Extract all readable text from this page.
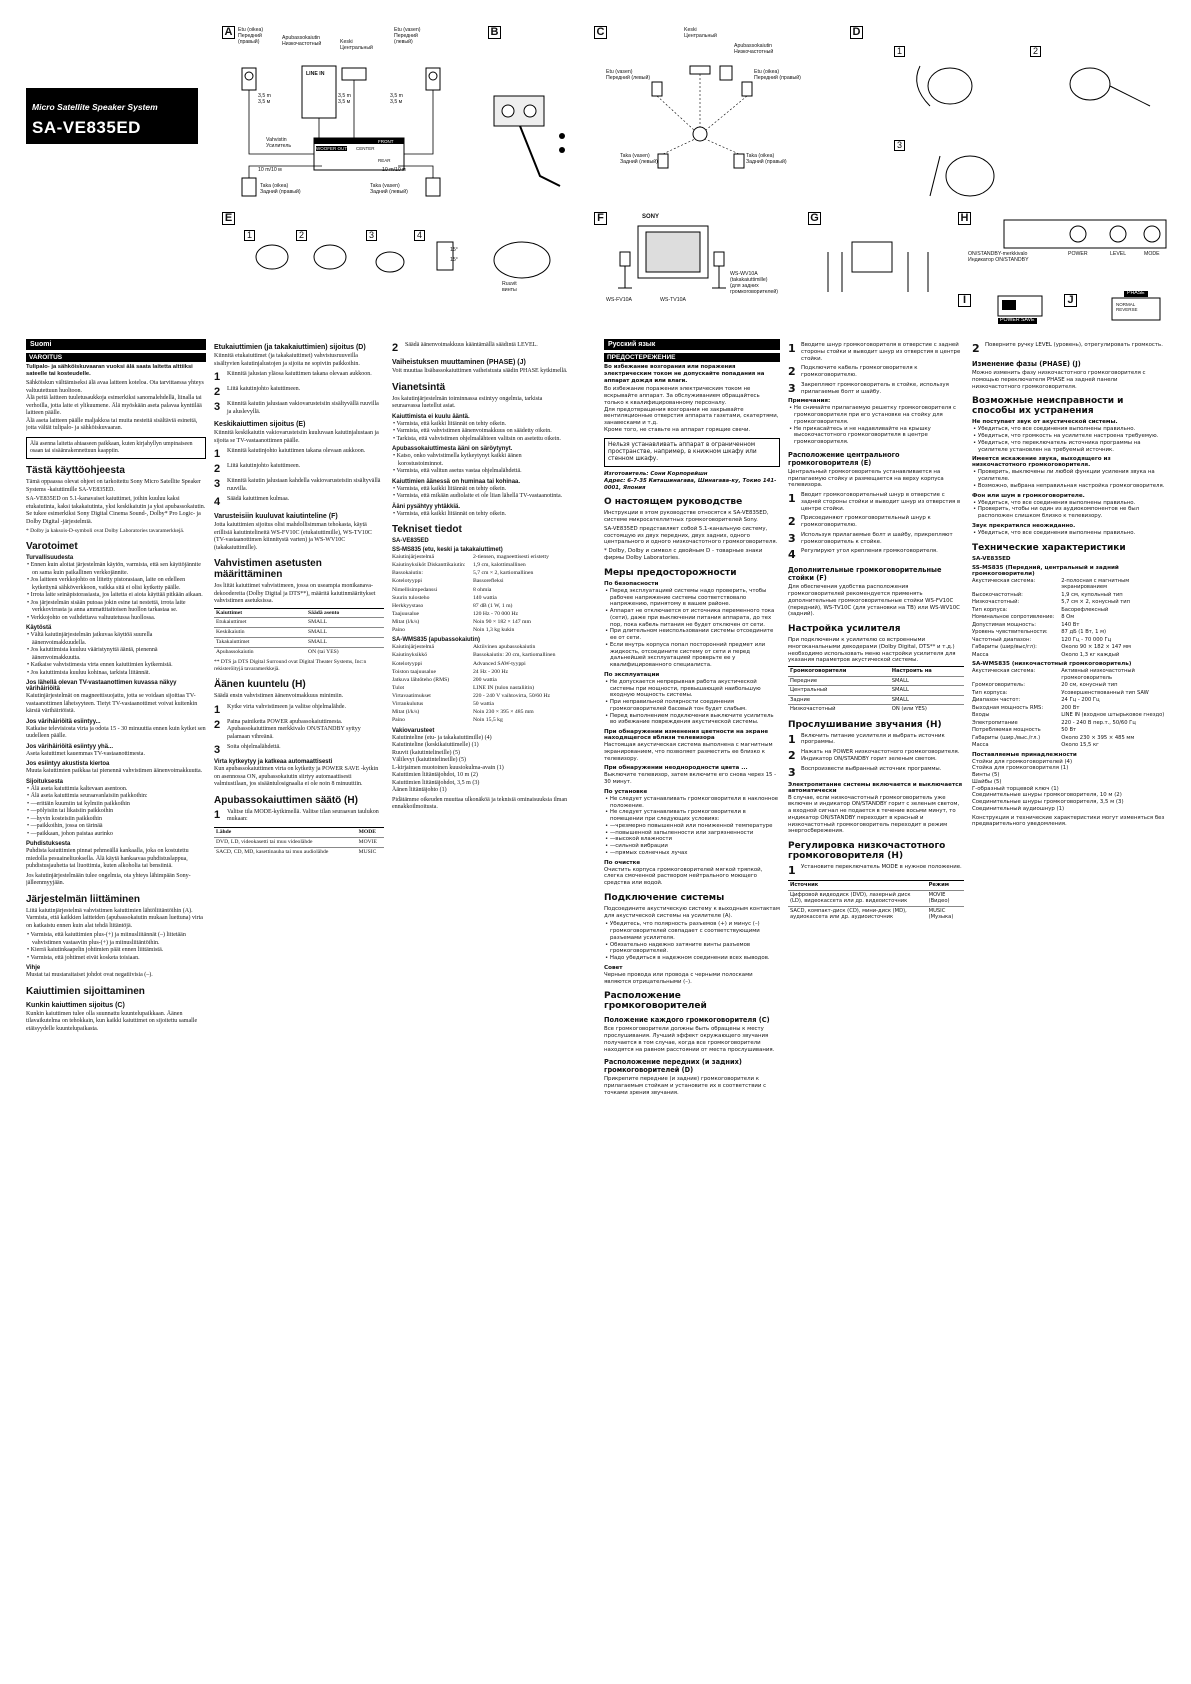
Micro Satellite Speaker System
SA-VE835ED
A	Etu (oikea)
Передний
(правый)
Apubassokaiutin
Низкочастотный	Keski
Центральный
Etu (vasen)
Передний
(левый)
LINE IN
3,5 m
3,5 м
3,5 m
3,5 м
3,5 m
3,5 м
Vahvistin
Усилитель	WOOFER OUT CENTER
FRONT
REAR
10 m/10 м	10 m/10 м
Taka (oikea)
Задний (правый)
Taka (vasen)
Задний (левый)
B	C	Keski
Центральный
Apubassokaiutin
Низкочастотный
Etu (vasen)
Передний (левый)
Etu (oikea)
Передний (правый)
Taka (vasen)
Задний (левый)
Taka (oikea)
Задний (правый)
D
1	2
3
E
1	2	3	4
15°
15°
Ruuvit
винты
F	SONY
WS-FV10A	WS-TV10A
WS-WV10A
(takakaiuttimille)
(для задних
громкоговорителей)
G	H
ON/STANDBY-merkkivalo
Индикатор ON/STANDBY
POWER	LEVEL	MODE
I
POWER SAVE
J
PHASE
NORMAL
REVERSE
Suomi
VAROITUS

Tulipalo- ja sähköiskuvaaran vuoksi älä saata laitetta alttiiksi sateelle tai kosteudelle.

Sähköiskun välttämiseksi älä avaa laitteen koteloa. Ota tarvittaessa yhteys valtuutettuun huoltoon.
Älä peitä laitteen tuuletusaukkoja esimerkiksi sanomalehdellä, liinalla tai verhoilla, jotta laite ei ylikuumene. Älä myöskään aseta palavaa kynttilää laitteen päälle.
Älä aseta laitteen päälle maljakkoa tai muita nesteitä sisältäviä esineitä, jotta vältät tulipalo- ja sähköiskuvaaran.

Älä asenna laitetta ahtaaseen paikkaan, kuten kirjahyllyn umpinaiseen osaan tai sisäänrakennettuun kaappiin.
Tästä käyttöohjeesta

Tämä oppaassa olevat ohjeet on tarkoitettu Sony Micro Satellite Speaker Systems -kaiuttimille SA-VE835ED.

SA-VE835ED on 5.1-kanavaiset kaiuttimet, joihin kuuluu kaksi etukaiutinta, kaksi takakaiutinta, yksi keskikaiutin ja yksi apubassokaiutin. Se tukee esimerkiksi Sony Digital Cinema Sound-, Dolby* Pro Logic- ja Dolby Digital -järjestelmiä.

* Dolby ja kaksois-D-symboli ovat Dolby Laboratories tavaramerkkejä.

Varotoimet
Turvallisuudesta
• Ennen kuin aloitat järjestelmän käytön, varmista, että sen käyttöjännite on sama kuin paikallinen verkkojännite.
• Jos laitteen verkkojohto on liitetty pistorasiaan, laite on edelleen kytkettynä sähköverkkoon, vaikka sitä ei olisi kytketty päälle.
• Irrota laite seinäpistorasiasta, jos laitetta ei aiota käyttää pitkään aikaan.
• Jos järjestelmän sisään putoaa jokin esine tai nestettä, irrota laite verkkovirrasta ja anna ammattitaitoisen huollon tarkastaa se.
• Verkkojohto on vaihdettava valtuutetussa huollossa.
Käytöstä
• Vältä kaiutinjärjestelmän jatkuvaa käyttöä suurella äänenvoimakkuudella.
• Jos kaiuttimista kuuluu vääristynyttä ääntä, pienennä äänenvoimakkuutta.
• Katkaise vahvistimesta virta ennen kaiuttimien kytkemistä.
• Jos kaiuttimista kuuluu kohinaa, tarkista liitännät.
Jos lähellä olevan TV-vastaanottimen kuvassa näkyy värihäiriöitä

Kaiutinjärjestelmät on magneettisuojattu, jotta se voidaan sijoittaa TV-vastaanottimen läheisyyteen. Tietyt TV-vastaanottimet voivat kuitenkin kärsiä värihäiriöistä.

Jos värihäiriöitä esiintyy...

Katkaise televisiosta virta ja odota 15 - 30 minuuttia ennen kuin kytket sen uudelleen päälle.

Jos värihäiriöitä esiintyy yhä...

Aseta kaiuttimet kauemmas TV-vastaanottimesta.

Jos esiintyy akustista kiertoa

Muuta kaiuttimien paikkaa tai pienennä vahvistimen äänenvoimakkuutta.

Sijoituksesta
• Älä aseta kaiuttimia kaltevaan asentoon.
• Älä aseta kaiuttimia seuraavanlaisiin paikkoihin:
• —erittäin kuumiin tai kylmiin paikkoihin
• —pölyisiin tai likaisiin paikkoihin
• —hyvin kosteisiin paikkoihin
• —paikkoihin, jossa on tärinää
• —paikkaan, johon paistaa aurinko
Puhdistuksesta

Puhdista kaiuttimien pinnat pehmeällä kankaalla, joka on kostutettu miedolla pesuaineliuoksella. Älä käytä hankaavaa puhdistuslappua, puhdistusjauhetta tai liuottimia, kuten alkoholia tai bensiiniä.

Jos kaiutinjärjestelmään tulee ongelmia, ota yhteys lähimpään Sony-jälleenmyyjään.

Järjestelmän liittäminen

Liitä kaiutinjärjestelmä vahvistimen kaiuttimien lähtöliitäntöihin (A). Varmista, että kaikkien laitteiden (apubassokaiutin mukaan luettuna) virta on katkaistu ennen kuin alat tehdä liitäntöjä.

• Varmista, että kaiuttimien plus-(+) ja miinusliitännät (–) liitetään vahvistimen vastaaviin plus-(+) ja miinusliitäntöihin.
• Kierrä kaiutinkaapelin johtimien päät ennen liittämistä.
• Varmista, että johtimet eivät kosketa toisiaan.
Vihje

Mustat tai mustaraitaiset johdot ovat negatiivisia (–).

Kaiuttimien sijoittaminen
Kunkin kaiuttimen sijoitus (C)

Kunkin kaiuttimen tulee olla suunnattu kuuntelupaikkaan. Äänen tilavaikutelma on tehokkain, kun kaikki kaiuttimet on sijoitettu samalle etäisyydelle kuuntelupaikasta.

Etukaiuttimien (ja takakaiuttimien) sijoitus (D)

Kiinnitä etukaiuttimet (ja takakaiuttimet) vahvistusruuveilla sisältyvien kaiutinjalustojen ja sijoita ne sopiviin paikkoihin.

1	Kiinnitä jalustan yläosa kaiuttimen takana olevaan aukkoon.
2	Liitä kaiutinjohto kaiuttimeen.
3	Kiinnitä kaiutin jalustaan vakiovarusteisiin sisältyvällä ruuvilla ja aluslevyllä.
Keskikaiuttimen sijoitus (E)

Kiinnitä keskikaiutin vakiovarusteisiin kuuluvaan kaiutinjalustaan ja sijoita se TV-vastaanottimen päälle.

1	Kiinnitä kaiutinjohto kaiuttimen takana olevaan aukkoon.
2	Liitä kaiutinjohto kaiuttimeen.
3	Kiinnitä kaiutin jalustaan kahdella vakiovarusteisiin sisältyvällä ruuvilla.
4	Säädä kaiuttimen kulmaa.
Varusteisiin kuuluvat kaiutinteline (F)

Jotta kaiuttimien sijoitus olisi mahdollisimman tehokasta, käytä erillisiä kaiutintelineitä WS-FV10C (etukaiuttimille), WS-TV10C (TV-vastaanottimen kiinnitystä varten) ja WS-WV10C (takakaiuttimille).

Vahvistimen asetusten määrittäminen

Jos liität kaiuttimet vahvistimeen, jossa on useampia monikanava-dekoodereita (Dolby Digital ja DTS**), määritä kaiutinmääritykset vahvistimen asetuksissa.

Kaiuttimet	Säädä asento
Etukaiuttimet	SMALL
Keskikaiutin	SMALL
Takakaiuttimet	SMALL
Apubassokaiutin	ON (tai YES)

** DTS ja DTS Digital Surround ovat Digital Theater Systems, Inc:n rekisteröityjä tavaramerkkejä.

Äänen kuuntelu (H)

Säädä ensin vahvistimen äänenvoimakkuus minimiin.

1	Kytke virta vahvistimeen ja valitse ohjelmalähde.
2	Paina painiketta POWER apubassokaiuttimesta. Apubassokaiuttimen merkkivalo ON/STANDBY syttyy palamaan vihreänä.
3	Soita ohjelmalähdettä.
Virta kytkeytyy ja katkeaa automaattisesti

Kun apubassokaiuttimen virta on kytketty ja POWER SAVE -kytkin on asennossa ON, apubassokaiutin siirtyy automaattisesti valmiustilaan, jos sisääntulosignaalia ei ole noin 8 minuuttiin.

Apubassokaiuttimen säätö (H)
1	Valitse tila MODE-kytkimellä. Valitse tilan seuraavan taulukon mukaan:
Lähde	MODE
DVD, LD, videokasetti tai muu videolähde	MOVIE
SACD, CD, MD, kasettinauha tai muu audiolähde	MUSIC
2	Säädä äänenvoimakkuus kääntämällä säädintä LEVEL.
Vaiheistuksen muuttaminen (PHASE) (J)

Voit muuttaa lisäbassokaiuttimen vaiheistusta säädin PHASE kytkimellä.

Vianetsintä

Jos kaiutinjärjestelmän toiminnassa esiintyy ongelmia, tarkista seuraavassa luetellut asiat.

Kaiuttimista ei kuulu ääntä.
• Varmista, että kaikki liitännät on tehty oikein.
• Varmista, että vahvistimen äänenvoimakkuus on säädetty oikein.
• Tarkista, että vahvistimen ohjelmalähteen valitsin on asetettu oikein.
Apubassokaiuttimesta ääni on säröytynyt.
• Katso, onko vahvistimella kytkeytynyt kaikki äänen korostustoiminnot.
• Varmista, että valitun asetus vastaa ohjelmalähdettä.
Kaiuttimien äänessä on huminaa tai kohinaa.
• Varmista, että kaikki liitännät on tehty oikein.
• Varmista, että mikään audiolaite ei ole liian lähellä TV-vastaanotinta.
Ääni pysähtyy yhtäkkiä.
• Varmista, että kaikki liitännät on tehty oikein.
Tekniset tiedot
SA-VE835ED
SS-MS835 (etu, keski ja takakaiuttimet)
Kaiutinjärjestelmä	2-tiensen, magneettisesti eristetty
Kaiutinyksiköt Diskanttikaiutin:	1,9 cm, kalottimallinen
Bassokaiutin:	5,7 cm × 2, kartiomallinen
Kotelotyyppi	Bassorefleksi
Nimellisimpedanssi	8 ohmia
Suurin tulosteho	140 wattia
Herkkyystaso	87 dB (1 W, 1 m)
Taajuusalue	120 Hz - 70 000 Hz
Mitat (l/k/s)	Noin 90 × 182 × 147 mm
Paino	Noin 1,3 kg kukin
SA-WMS835 (apubassokaiutin)
Kaiutinjärjestelmä	Aktiivinen apubassokaiutin
Kaiutinyksikkö	Bassokaiutin: 20 cm, kartiomallinen
Kotelotyyppi	Advanced SAW-tyyppi
Toiston taajuusalue	24 Hz - 200 Hz
Jatkuva lähtöteho (RMS)	200 wattia
Tulot	LINE IN (tulon nastaliitin)
Virtavaatimukset	220 - 240 V vaihtovirta, 50/60 Hz
Virrankulutus	50 wattia
Mitat (l/k/s)	Noin 230 × 395 × 485 mm
Paino	Noin 15,5 kg
Vakiovarusteet

Kaiutinteline (etu- ja takakaiuttimille) (4)
Kaiutinteline (keskikaiuttimelle) (1)
Ruuvit (kaiutintelineille) (5)
Välilevyt (kaiutintelineille) (5)
L-kirjaimen muotoinen kuusiokulma-avain (1)
Kaiuttimien liitäntäjohdot, 10 m (2)
Kaiuttimien liitäntäjohdot, 3,5 m (3)
Äänen liitäntäjohto (1)

Pidätämme oikeuden muuttaa ulkonäköä ja teknisiä ominaisuuksia ilman ennakkoilmoitusta.

Русский язык
ПРЕДОСТЕРЕЖЕНИЕ

Во избежание возгорания или поражения электрическим током не допускайте попадания на аппарат дождя или влаги.

Во избежание поражения электрическим током не вскрывайте аппарат. За обслуживанием обращайтесь только к квалифицированному персоналу.
Для предотвращения возгорания не закрывайте вентиляционные отверстия аппарата газетами, скатертями, занавесками и т.д.
Кроме того, не ставьте на аппарат горящие свечи.

Нельзя устанавливать аппарат в ограниченном пространстве, например, в книжном шкафу или стенном шкафу.

Изготовитель: Сони Корпорейшн
Адрес: 6-7-35 Киташинагава, Шинагава-ку, Токио 141-0001, Япония

О настоящем руководстве

Инструкции в этом руководстве относятся к SA-VE835ED, системе микросателлитных громкоговорителей Sony.

SA-VE835ED представляет собой 5.1-канальную систему, состоящую из двух передних, двух задних, одного центрального и одного низкочастотного громкоговорителя.

* Dolby, Dolby и символ с двойным D - товарные знаки фирмы Dolby Laboratories.

Меры предосторожности
По безопасности
• Перед эксплуатацией системы надо проверить, чтобы рабочее напряжение системы соответствовало напряжению, принятому в вашем районе.
• Аппарат не отключается от источника переменного тока (сети), даже при выключении питания аппарата, до тех пор, пока кабель питания не будет отключен от сети.
• При длительном неиспользовании системы отсоедините ее от сети.
• Если внутрь корпуса попал посторонний предмет или жидкость, отсоедините систему от сети и перед дальнейшей эксплуатацией проверьте ее у квалифицированного специалиста.
По эксплуатации
• Не допускается непрерывная работа акустической системы при мощности, превышающей наибольшую входную мощность системы.
• При неправильной полярности соединения громкоговорителей басовый тон будет слабым.
• Перед выполнением подключения выключите усилитель во избежание повреждения акустической системы.
При обнаружении изменения цветности на экране находящегося вблизи телевизора

Настоящая акустическая система выполнена с магнитным экранированием, что позволяет разместить ее близко к телевизору.

При обнаружении неоднородности цвета ...

Выключите телевизор, затем включите его снова через 15 - 30 минут.

По установке
• Не следует устанавливать громкоговорители в наклонное положение.
• Не следует устанавливать громкоговорители в помещении при следующих условиях:
• —чрезмерно повышенной или пониженной температуре
• —повышенной запыленности или загрязненности
• —высокой влажности
• —сильной вибрации
• —прямых солнечных лучах
По очистке

Очистить корпуса громкоговорителей мягкой тряпкой, слегка смоченной раствором нейтрального моющего средства или водой.

Подключение системы

Подсоедините акустическую систему к выходным контактам для акустической системы на усилителе (A).

• Убедитесь, что полярность разъемов (+) и минус (–) громкоговорителей совпадает с соответствующими разъемами усилителя.
• Обязательно надежно затяните винты разъемов громкоговорителей.
• Надо убедиться в надежном соединении всех выводов.
Совет

Черные провода или провода с черными полосками являются отрицательными (–).

Расположение громкоговорителей
Положение каждого громкоговорителя (C)

Все громкоговорители должны быть обращены к месту прослушивания. Лучший эффект окружающего звучания получается в том случае, когда все громкоговорители находятся на равном расстоянии от места прослушивания.

Расположение передних (и задних) громкоговорителей (D)

Прикрепите передние (и задние) громкоговорители к прилагаемым стойкам и установите их в соответствии с точками зрения звучания.

1 Вводите шнур громкоговорителя в отверстие с задней стороны стойки и выводит шнур из отверстия в центре стойки.
2 Подключите кабель громкоговорителя к громкоговорителю.
3 Закрепляют громкоговоритель в стойке, используя прилагаемые болт и шайбу.
Примечания:
• Не снимайте прилагаемую решетку громкоговорителя с громкоговорителя при его установке на стойку для громкоговорителя.
• Не прикасайтесь и не надавливайте на крышку высокочастотного громкоговорителя в центре громкоговорителя.
Расположение центрального громкоговорителя (E)

Центральный громкоговоритель устанавливается на прилагаемую стойку и размещается на верху корпуса телевизора.

1 Вводит громкоговорительный шнур в отверстие с задней стороны стойки и выводит шнур из отверстия в центре стойки.
2 Присоединяют громкоговорительный шнур к громкоговорителю.
3 Используя прилагаемые болт и шайбу, прикрепляют громкоговоритель к стойке.
4 Регулируют угол крепления громкоговорителя.
Дополнительные громкоговорительные стойки (F)

Для обеспечения удобства расположения громкоговорителей рекомендуется применять дополнительные громкоговорительные стойки WS-FV10C (передний), WS-TV10C (для установки на ТВ) или WS-WV10C (задний).

Настройка усилителя

При подключении к усилителю со встроенными многоканальными декодерами (Dolby Digital, DTS** и т.д.) необходимо использовать меню настройки усилителя для указания параметров акустической системы.

Громкоговорители	Настроить на
Передние	SMALL
Центральный	SMALL
Задние	SMALL
Низкочастотный	ON (или YES)
Прослушивание звучания (H)
1 Включить питание усилителя и выбрать источник программы.
2 Нажать на POWER низкочастотного громкоговорителя. Индикатор ON/STANDBY горит зеленым светом.
3 Воспроизвести выбранный источник программы.
Электропитание системы включается и выключается автоматически

В случае, если низкочастотный громкоговоритель уже включен и индикатор ON/STANDBY горит с зеленым светом, а входной сигнал не подается в течение восьми минут, то индикатор ON/STANDBY переходит в красный и низкочастотный громкоговоритель переходит в режим энергосбережения.

Регулировка низкочастотного громкоговорителя (H)
1 Установите переключатель MODE в нужное положение.
Источник	Режим
Цифровой видеодиск (DVD), лазерный диск (LD), видеокассета или др. видеоисточник	MOVIE (Видео)
SACD, компакт-диск (CD), мини-диск (MD), аудиокассета или др. аудиоисточник	MUSIC (Музыка)
2 Поверните ручку LEVEL (уровень), отрегулировать громкость.
Изменение фазы (PHASE) (J)

Можно изменить фазу низкочастотного громкоговорителя с помощью переключателя PHASE на задней панели низкочастотного громкоговорителя.

Возможные неисправности и способы их устранения
Не поступает звук от акустической системы.
• Убедиться, что все соединения выполнены правильно.
• Убедиться, что громкость на усилителе настроена требуемую.
• Убедиться, что переключатель источника программы на усилителе установлен на требуемый источник.
Имеется искажение звука, выходящего из низкочастотного громкоговорителя.
• Проверить, выключены ли любой функции усиления звука на усилителе.
• Возможно, выбрана неправильная настройка громкоговорителя.
Фон или шум в громкоговорителе.
• Убедиться, что все соединения выполнены правильно.
• Проверить, чтобы ни один из аудиокомпонентов не был расположен слишком близко к телевизору.
Звук прекратился неожиданно.
• Убедиться, что все соединения выполнены правильно.
Технические характеристики
SA-VE835ED
SS-MS835 (Передний, центральный и задний громкоговорители)
Акустическая система:	2-полосная с магнитным экранированием
Высокочастотный:	1,9 см, купольный тип
Низкочастотный:	5,7 см × 2, конусный тип
Тип корпуса:	Басорефлексный
Номинальное сопротивление:	8 Ом
Допустимая мощность:	140 Вт
Уровень чувствительности:	87 дБ (1 Вт, 1 м)
Частотный диапазон:	120 Гц - 70 000 Гц
Габариты (шир/выс/гл):	Около 90 × 182 × 147 мм
Масса	Около 1,3 кг каждый
SA-WMS835 (низкочастотный громкоговоритель)
Акустическая система:	Активный низкочастотный громкоговоритель
Громкоговоритель:	20 см, конусный тип
Тип корпуса:	Усовершенствованный тип SAW
Диапазон частот:	24 Гц - 200 Гц
Выходная мощность RMS:	200 Вт
Входы	LINE IN (входное штырьковое гнездо)
Электропитание	220 - 240 В пер.т., 50/60 Гц
Потребляемая мощность	50 Вт
Габариты (шир./выс./гл.)	Около 230 × 395 × 485 мм
Масса	Около 15,5 кг
Поставляемые принадлежности

Стойки для громкоговорителей (4)
Стойка для громкоговорителя (1)
Винты (5)
Шайбы (5)
Г-образный торцевой ключ (1)
Соединительные шнуры громкоговорителя, 10 м (2)
Соединительные шнуры громкоговорителя, 3,5 м (3)
Соединительный аудиошнур (1)

Конструкция и технические характеристики могут изменяться без предварительного уведомления.
